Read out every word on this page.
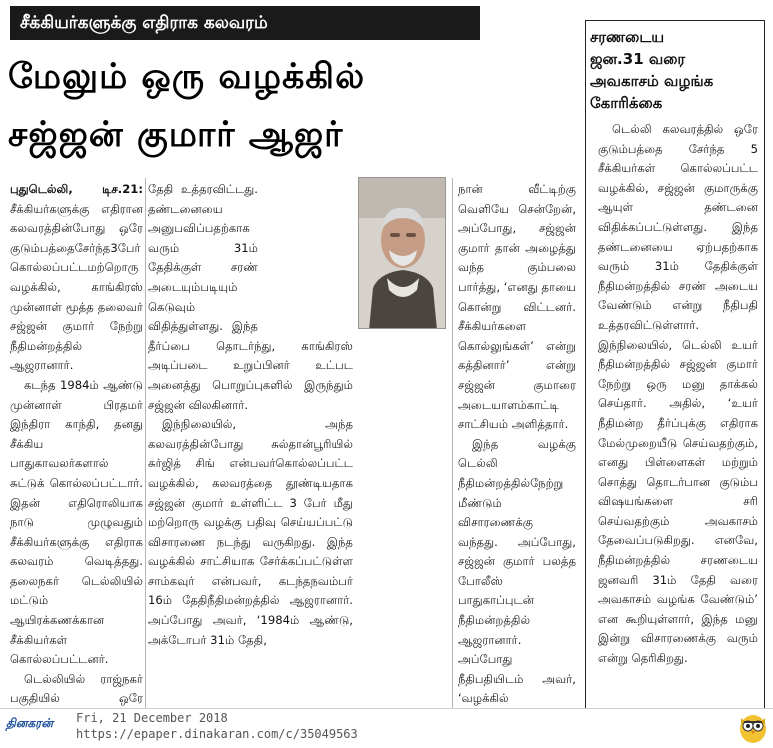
சீக்கியர்களுக்கு எதிராக கலவரம்
மேலும் ஒரு வழக்கில்
சஜ்ஜன் குமார் ஆஜர்

புதுடெல்லி, டிச.21: சீக்கியர்களுக்கு எதிரான கலவரத்தின்போது ஒரே குடும்பத்தைசேர்ந்த3பேர் கொல்லப்பட்டமற்றொரு வழக்கில், காங்கிரஸ் முன்னாள் மூத்த தலைவர் சஜ்ஜன் குமார் நேற்று நீதிமன்றத்தில் ஆஜரானார்.

கடந்த 1984ம் ஆண்டு முன்னாள் பிரதமர் இந்திரா காந்தி, தனது சீக்கிய பாதுகாவலர்களால் சுட்டுக் கொல்லப்பட்டார். இதன் எதிரொலியாக நாடு முழுவதும் சீக்கியர்களுக்கு எதிராக கலவரம் வெடித்தது. தலைநகர் டெல்லியில் மட்டும் ஆயிரக்கணக்கான சீக்கியர்கள் கொல்லப்பட்டனர்.

டெல்லியில் ராஜ்நகர் பகுதியில் ஒரே

தேதி உத்தரவிட்டது. தண்டனையை அனுபவிப்பதற்காக வரும் 31ம் தேதிக்குள் சரண் அடையும்படியும் கெடுவும் விதித்துள்ளது. இந்த தீர்ப்பை தொடர்ந்து, காங்கிரஸ் அடிப்படை உறுப்பினர் உட்பட அனைத்து பொறுப்புகளில் இருந்தும் சஜ்ஜன் விலகினார்.

இந்நிலையில், அந்த கலவரத்தின்போது சுல்தான்பூரியில் சுர்ஜித் சிங் என்பவர்கொல்லப்பட்ட வழக்கில், கலவரத்தை தூண்டியதாக சஜ்ஜன் குமார் உள்ளிட்ட 3 பேர் மீது மற்றொரு வழக்கு பதிவு செய்யப்பட்டு விசாரணை நடந்து வருகிறது. இந்த வழக்கில் சாட்சியாக சேர்க்கப்பட்டுள்ள சாம்கவுர் என்பவர், கடந்தநவம்பர் 16ம் தேதிநீதிமன்றத்தில் ஆஜரானார். அப்போது அவர், ‘1984ம் ஆண்டு, அக்டோபர் 31ம் தேதி,

நான் வீட்டிற்கு வெளியே சென்றேன், அப்போது, சஜ்ஜன் குமார் தான் அழைத்து வந்த கும்பலை பார்த்து, ‘எனது தாயை கொன்று விட்டனர். சீக்கியர்களை கொல்லுங்கள்’ என்று கத்தினார்’ என்று சஜ்ஜன் குமாரை அடையாளம்காட்டி சாட்சியம் அளித்தார்.

இந்த வழக்கு டெல்லி நீதிமன்றத்தில்நேற்று மீண்டும் விசாரணைக்கு வந்தது. அப்போது, சஜ்ஜன் குமார் பலத்த போலீஸ் பாதுகாப்புடன் நீதிமன்றத்தில் ஆஜரானார். அப்போது நீதிபதியிடம் அவர், ‘வழக்கில்

சரணடைய
ஜன.31 வரை
அவகாசம் வழங்க
கோரிக்கை

டெல்லி கலவரத்தில் ஒரே குடும்பத்தை சேர்ந்த 5 சீக்கியர்கள் கொல்லப்பட்ட வழக்கில், சஜ்ஜன் குமாருக்கு ஆயுள் தண்டனை விதிக்கப்பட்டுள்ளது. இந்த தண்டனையை ஏற்பதற்காக வரும் 31ம் தேதிக்குள் நீதிமன்றத்தில் சரண் அடைய வேண்டும் என்று நீதிபதி உத்தரவிட்டுள்ளார். இந்நிலையில், டெல்லி உயர் நீதிமன்றத்தில் சஜ்ஜன் குமார் நேற்று ஒரு மனு தாக்கல் செய்தார். அதில், ‘உயர் நீதிமன்ற தீர்ப்புக்கு எதிராக மேல்முறையீடு செய்வதற்கும், எனது பிள்ளைகள் மற்றும் சொத்து தொடர்பான குடும்ப விஷயங்களை சரி செய்வதற்கும் அவகாசம் தேவைப்படுகிறது. எனவே, நீதிமன்றத்தில் சரணடைய ஜனவரி 31ம் தேதி வரை அவகாசம் வழங்க வேண்டும்’ என கூறியுள்ளார், இந்த மனு இன்று விசாரணைக்கு வரும் என்று தெரிகிறது.

தினகரன்	Fri, 21 December 2018
https://epaper.dinakaran.com/c/35049563
